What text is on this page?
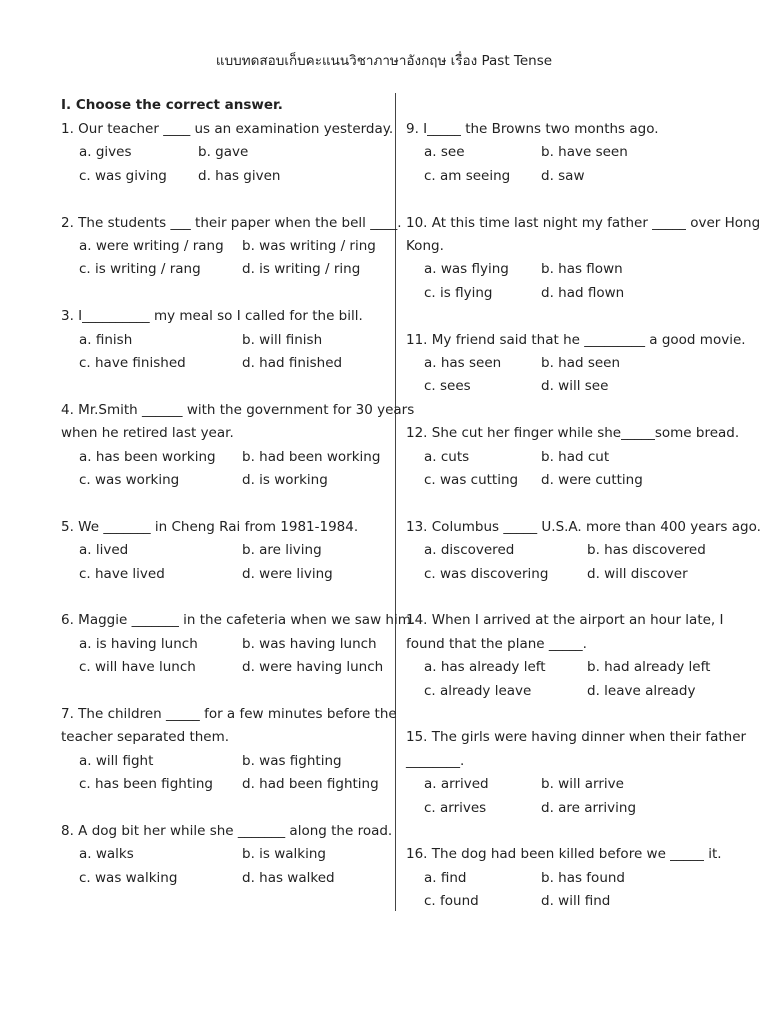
แบบทดสอบเก็บคะแนนวิชาภาษาอังกฤษ เรื่อง Past Tense
I. Choose the correct answer.
1. Our teacher ____ us an examination yesterday.
a. gives	b. gave
c. was giving d. has given
2. The students ___ their paper when the bell ____.
a. were writing / rang b. was writing / ring
c. is writing / rang	d. is writing / ring
3. I__________ my meal so I called for the bill.
a. finish	b. will finish
c. have finished	d. had finished
4. Mr.Smith ______ with the government for 30 years
when he retired last year.
a. has been working b. had been working
c. was working	d. is working
5. We _______ in Cheng Rai from 1981-1984.
a. lived	b. are living
c. have lived	d. were living
6. Maggie _______ in the cafeteria when we saw him.
a. is having lunch	b. was having lunch
c. will have lunch	d. were having lunch
7. The children _____ for a few minutes before the
teacher separated them.
a. will fight	b. was fighting
c. has been fighting d. had been fighting
8. A dog bit her while she _______ along the road.
a. walks	b. is walking
c. was walking	d. has walked
9. I_____ the Browns two months ago.
a. see	b. have seen
c. am seeing d. saw
10. At this time last night my father _____ over Hong
Kong.
a. was flying b. has flown
c. is flying	d. had flown
11. My friend said that he _________ a good movie.
a. has seen	b. had seen
c. sees	d. will see
12. She cut her finger while she_____some bread.
a. cuts	b. had cut
c. was cutting d. were cutting
13. Columbus _____ U.S.A. more than 400 years ago.
a. discovered	b. has discovered
c. was discovering	d. will discover
14. When I arrived at the airport an hour late, I
found that the plane _____.
a. has already left	b. had already left
c. already leave	d. leave already
15. The girls were having dinner when their father
________.
a. arrived	b. will arrive
c. arrives	d. are arriving
16. The dog had been killed before we _____ it.
a. find	b. has found
c. found	d. will find
